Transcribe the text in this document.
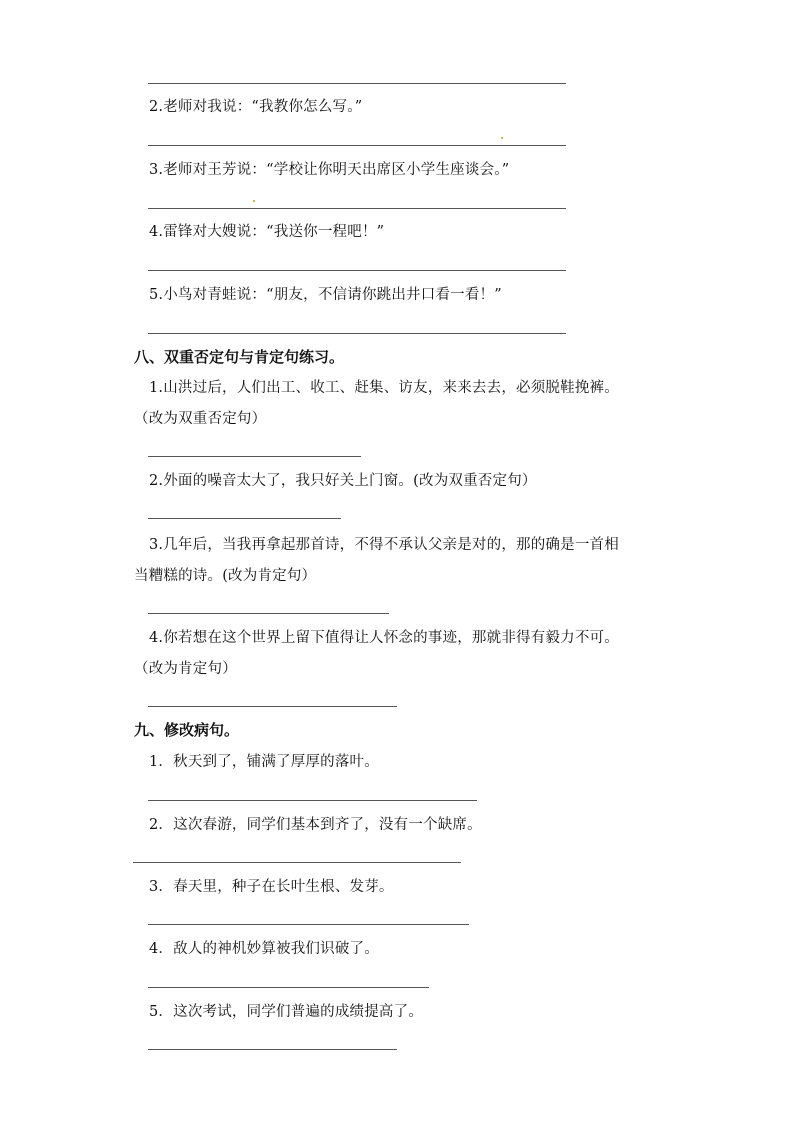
2.老师对我说：“我教你怎么写。”
3.老师对王芳说：“学校让你明天出席区小学生座谈会。”
4.雷锋对大嫂说：“我送你一程吧！”
5.小鸟对青蛙说：“朋友，不信请你跳出井口看一看！”
八、双重否定句与肯定句练习。
1.山洪过后，人们出工、收工、赶集、访友，来来去去，必须脱鞋挽裤。
（改为双重否定句）
2.外面的噪音太大了，我只好关上门窗。(改为双重否定句）
3.几年后，当我再拿起那首诗，不得不承认父亲是对的，那的确是一首相
当糟糕的诗。(改为肯定句）
4.你若想在这个世界上留下值得让人怀念的事迹，那就非得有毅力不可。
（改为肯定句）
九、修改病句。
1．秋天到了，铺满了厚厚的落叶。
2．这次春游，同学们基本到齐了，没有一个缺席。
3．春天里，种子在长叶生根、发芽。
4．敌人的神机妙算被我们识破了。
5．这次考试，同学们普遍的成绩提高了。
